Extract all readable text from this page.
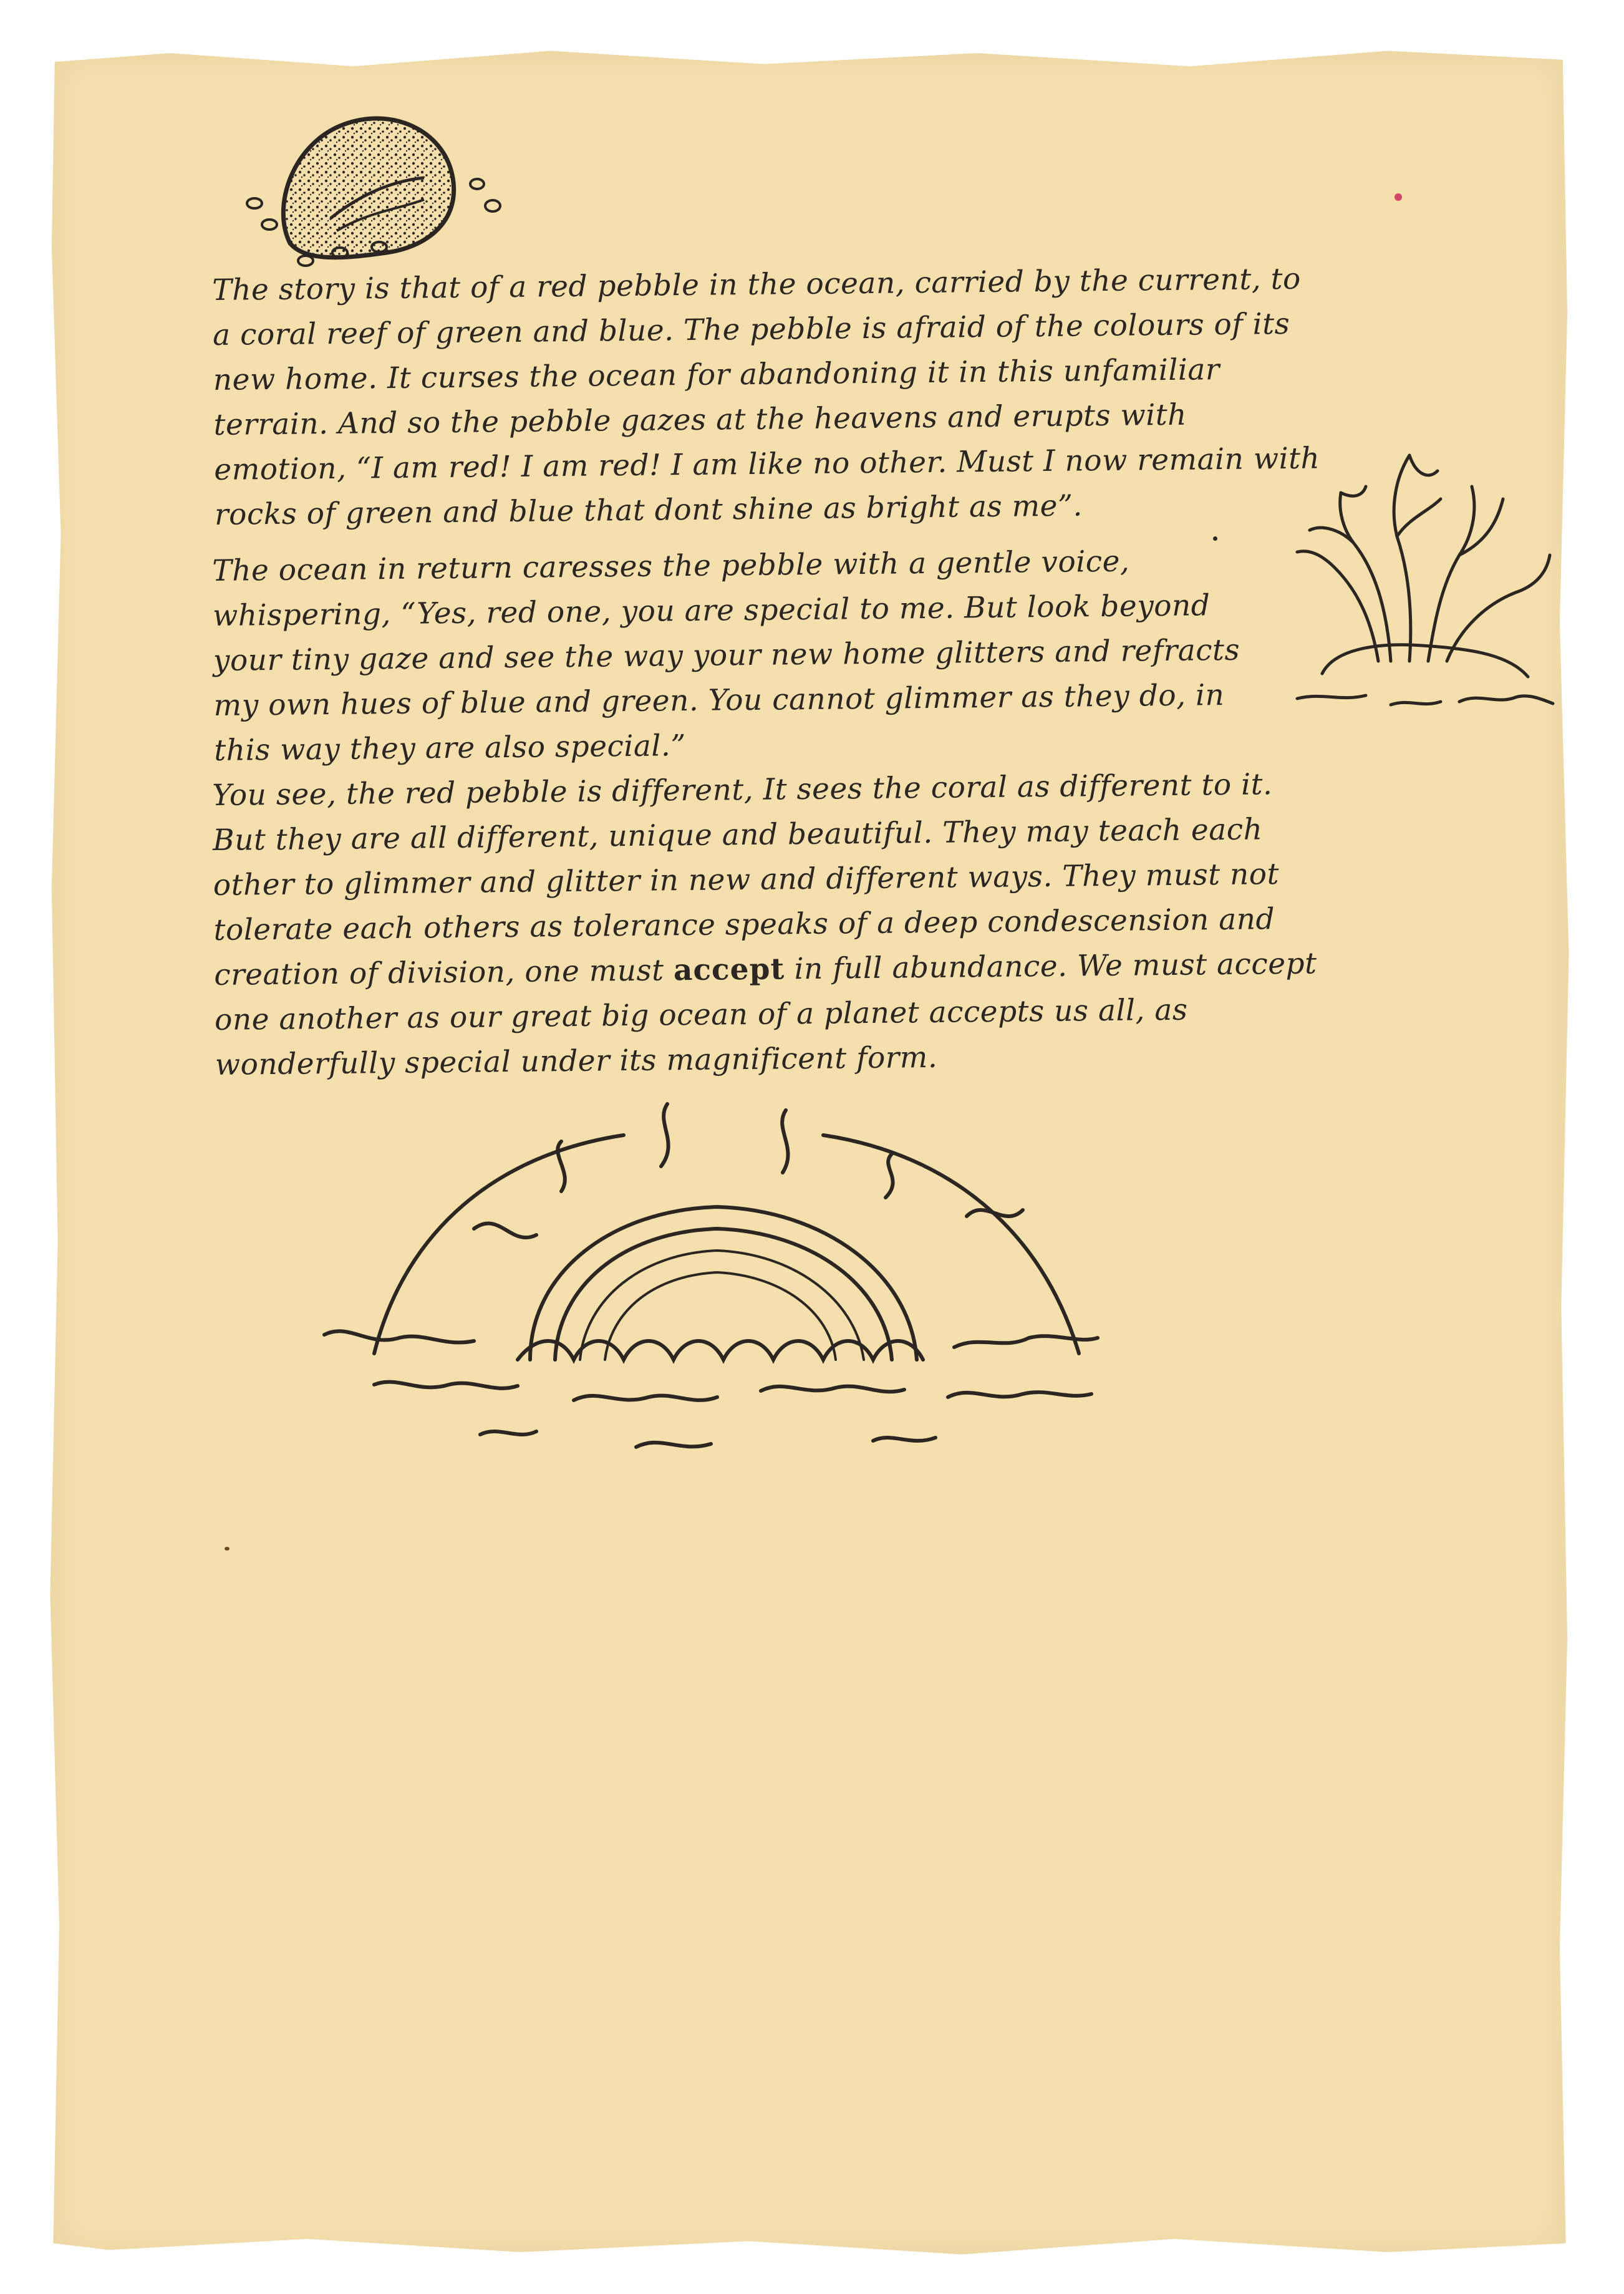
The story is that of a red pebble in the ocean, carried by the current, to a coral reef of green and blue. The pebble is afraid of the colours of its new home. It curses the ocean for abandoning it in this unfamiliar terrain. And so the pebble gazes at the heavens and erupts with emotion, “I am red! I am red! I am like no other. Must I now remain with rocks of green and blue that dont shine as bright as me”.

The ocean in return caresses the pebble with a gentle voice, whispering, “Yes, red one, you are special to me. But look beyond your tiny gaze and see the way your new home glitters and refracts my own hues of blue and green. You cannot glimmer as they do, in this way they are also special.”

You see, the red pebble is different, It sees the coral as different to it. But they are all different, unique and beautiful. They may teach each other to glimmer and glitter in new and different ways. They must not tolerate each others as tolerance speaks of a deep condescension and creation of division, one must accept in full abundance. We must accept one another as our great big ocean of a planet accepts us all, as wonderfully special under its magnificent form.
